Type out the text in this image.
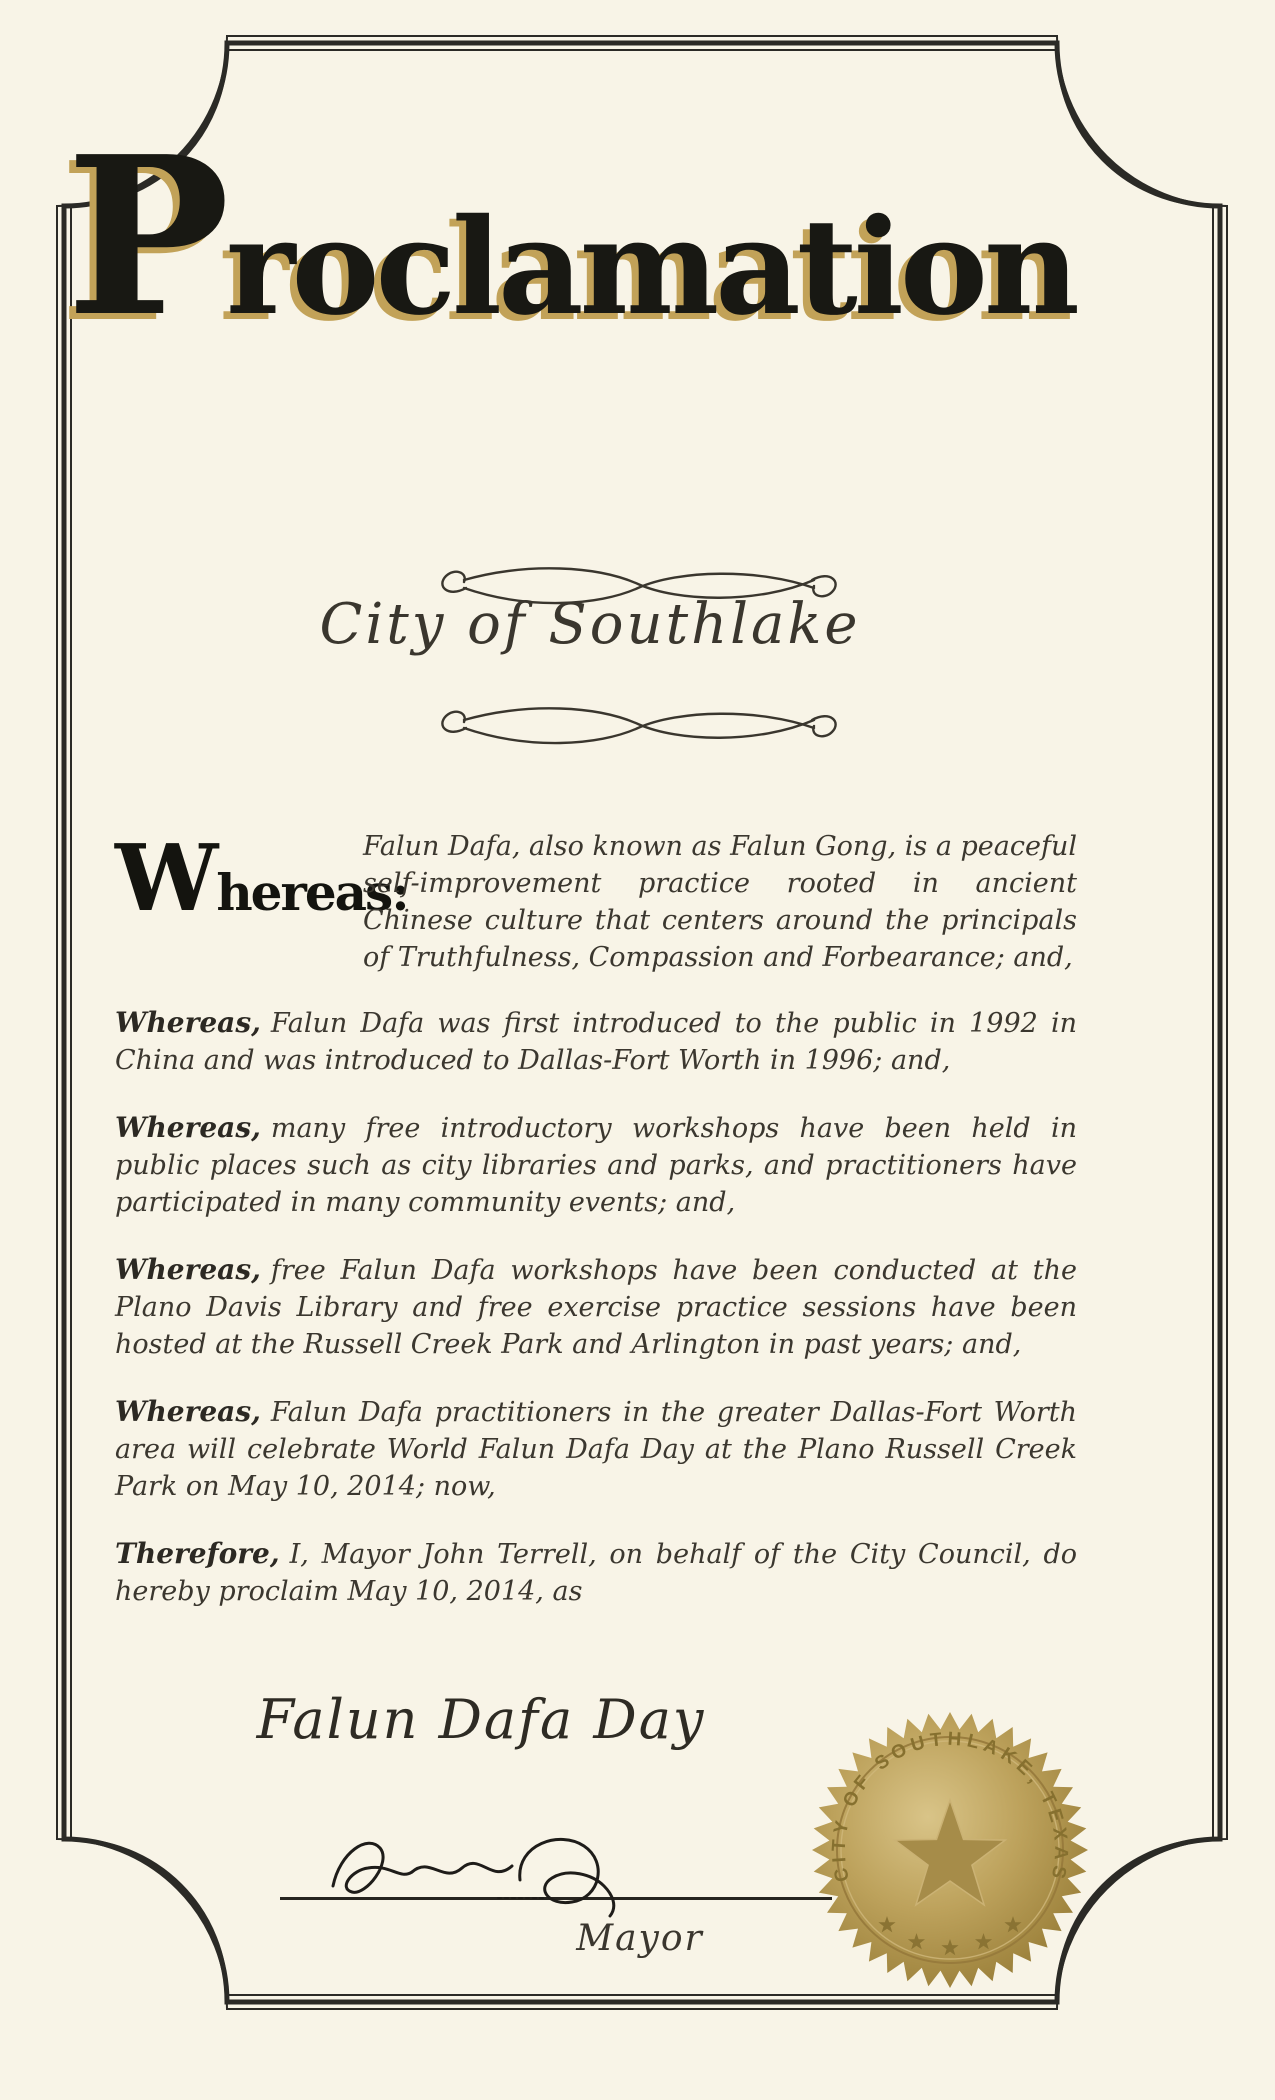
Proclamation
City of Southlake
Whereas:
Falun Dafa, also known as Falun Gong, is a peaceful self-improvement practice rooted in ancient Chinese culture that centers around the principals of Truthfulness, Compassion and Forbearance; and,

Whereas, Falun Dafa was first introduced to the public in 1992 in China and was introduced to Dallas-Fort Worth in 1996; and,

Whereas, many free introductory workshops have been held in public places such as city libraries and parks, and practitioners have participated in many community events; and,

Whereas, free Falun Dafa workshops have been conducted at the Plano Davis Library and free exercise practice sessions have been hosted at the Russell Creek Park and Arlington in past years; and,

Whereas, Falun Dafa practitioners in the greater Dallas-Fort Worth area will celebrate World Falun Dafa Day at the Plano Russell Creek Park on May 10, 2014; now,

Therefore, I, Mayor John Terrell, on behalf of the City Council, do hereby proclaim May 10, 2014, as

Falun Dafa Day
Mayor
CITY OF SOUTHLAKE, TEXAS
